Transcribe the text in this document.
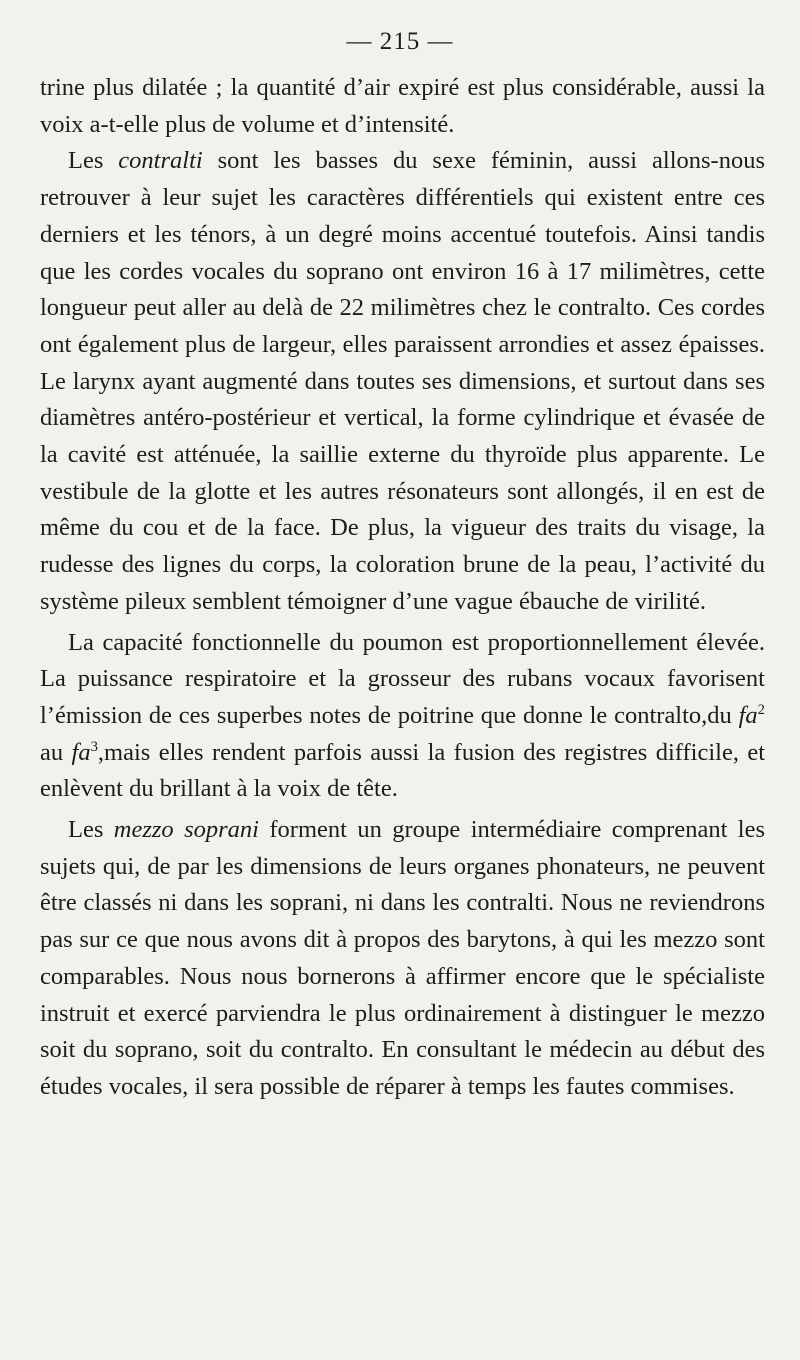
— 215 —

trine plus dilatée ; la quantité d’air expiré est plus considérable, aussi la voix a-t-elle plus de volume et d’intensité.

Les contralti sont les basses du sexe féminin, aussi allons-nous retrouver à leur sujet les caractères différentiels qui existent entre ces derniers et les ténors, à un degré moins accentué toutefois. Ainsi tandis que les cordes vocales du soprano ont environ 16 à 17 milimètres, cette longueur peut aller au delà de 22 milimètres chez le contralto. Ces cordes ont également plus de largeur, elles paraissent arrondies et assez épaisses. Le larynx ayant augmenté dans toutes ses dimensions, et surtout dans ses diamètres antéro-postérieur et vertical, la forme cylindrique et évasée de la cavité est atténuée, la saillie externe du thyroïde plus apparente. Le vestibule de la glotte et les autres résonateurs sont allongés, il en est de même du cou et de la face. De plus, la vigueur des traits du visage, la rudesse des lignes du corps, la coloration brune de la peau, l’activité du système pileux semblent témoigner d’une vague ébauche de virilité.

La capacité fonctionnelle du poumon est proportionnellement élevée. La puissance respiratoire et la grosseur des rubans vocaux favorisent l’émission de ces superbes notes de poitrine que donne le contralto,du $fa^2$ au $fa^3,mais$ elles rendent parfois aussi la fusion des registres difficile, et enlèvent du brillant à la voix de tête.

Les mezzo soprani forment un groupe intermédiaire comprenant les sujets qui, de par les dimensions de leurs organes phonateurs, ne peuvent être classés ni dans les soprani, ni dans les contralti. Nous ne reviendrons pas sur ce que nous avons dit à propos des barytons, à qui les mezzo sont comparables. Nous nous bornerons à affirmer encore que le spécialiste instruit et exercé parviendra le plus ordinairement à distinguer le mezzo soit du soprano, soit du contralto. En consultant le médecin au début des études vocales, il sera possible de réparer à temps les fautes commises.
